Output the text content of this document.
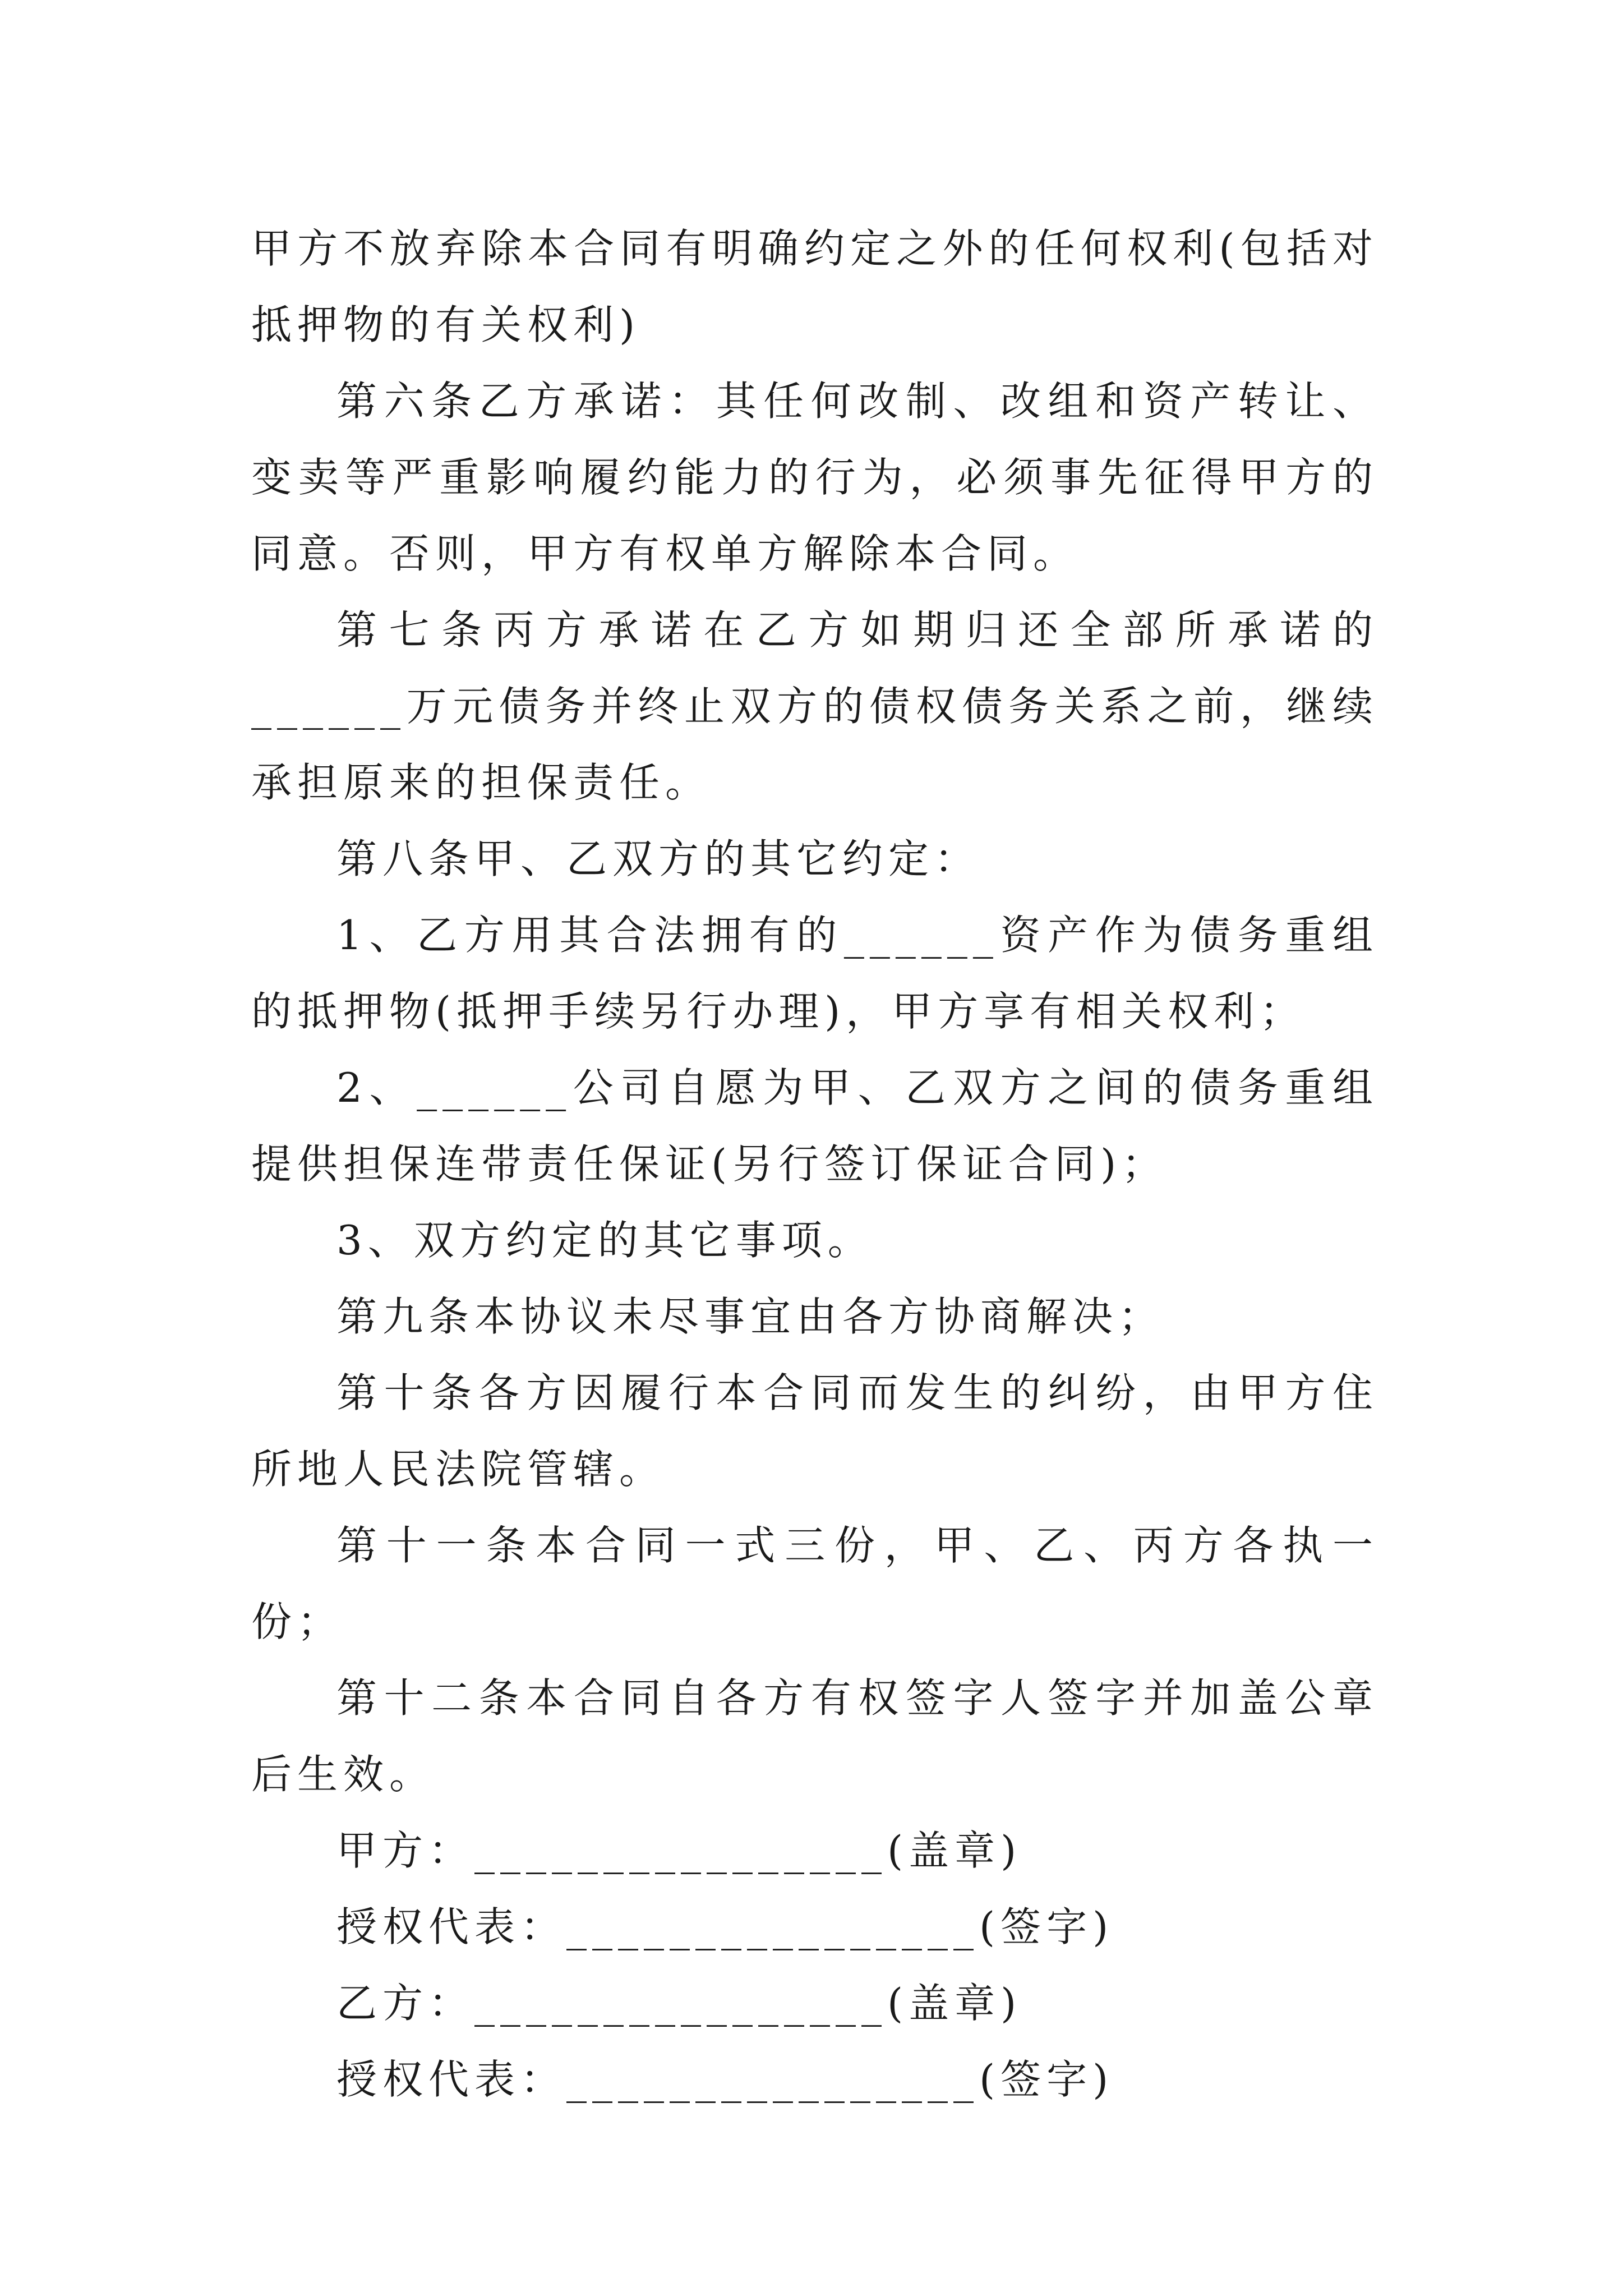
甲方不放弃除本合同有明确约定之外的任何权利(包括对抵押物的有关权利)

第六条乙方承诺：其任何改制、改组和资产转让、变卖等严重影响履约能力的行为，必须事先征得甲方的同意。否则，甲方有权单方解除本合同。

第七条丙方承诺在乙方如期归还全部所承诺的______万元债务并终止双方的债权债务关系之前，继续承担原来的担保责任。

第八条甲、乙双方的其它约定：

1、乙方用其合法拥有的______资产作为债务重组的抵押物(抵押手续另行办理)，甲方享有相关权利；

2、______公司自愿为甲、乙双方之间的债务重组提供担保连带责任保证(另行签订保证合同)；

3、双方约定的其它事项。

第九条本协议未尽事宜由各方协商解决；

第十条各方因履行本合同而发生的纠纷，由甲方住所地人民法院管辖。

第十一条本合同一式三份，甲、乙、丙方各执一份；

第十二条本合同自各方有权签字人签字并加盖公章后生效。

甲方：________________(盖章)

授权代表：________________(签字)

乙方：________________(盖章)

授权代表：________________(签字)
